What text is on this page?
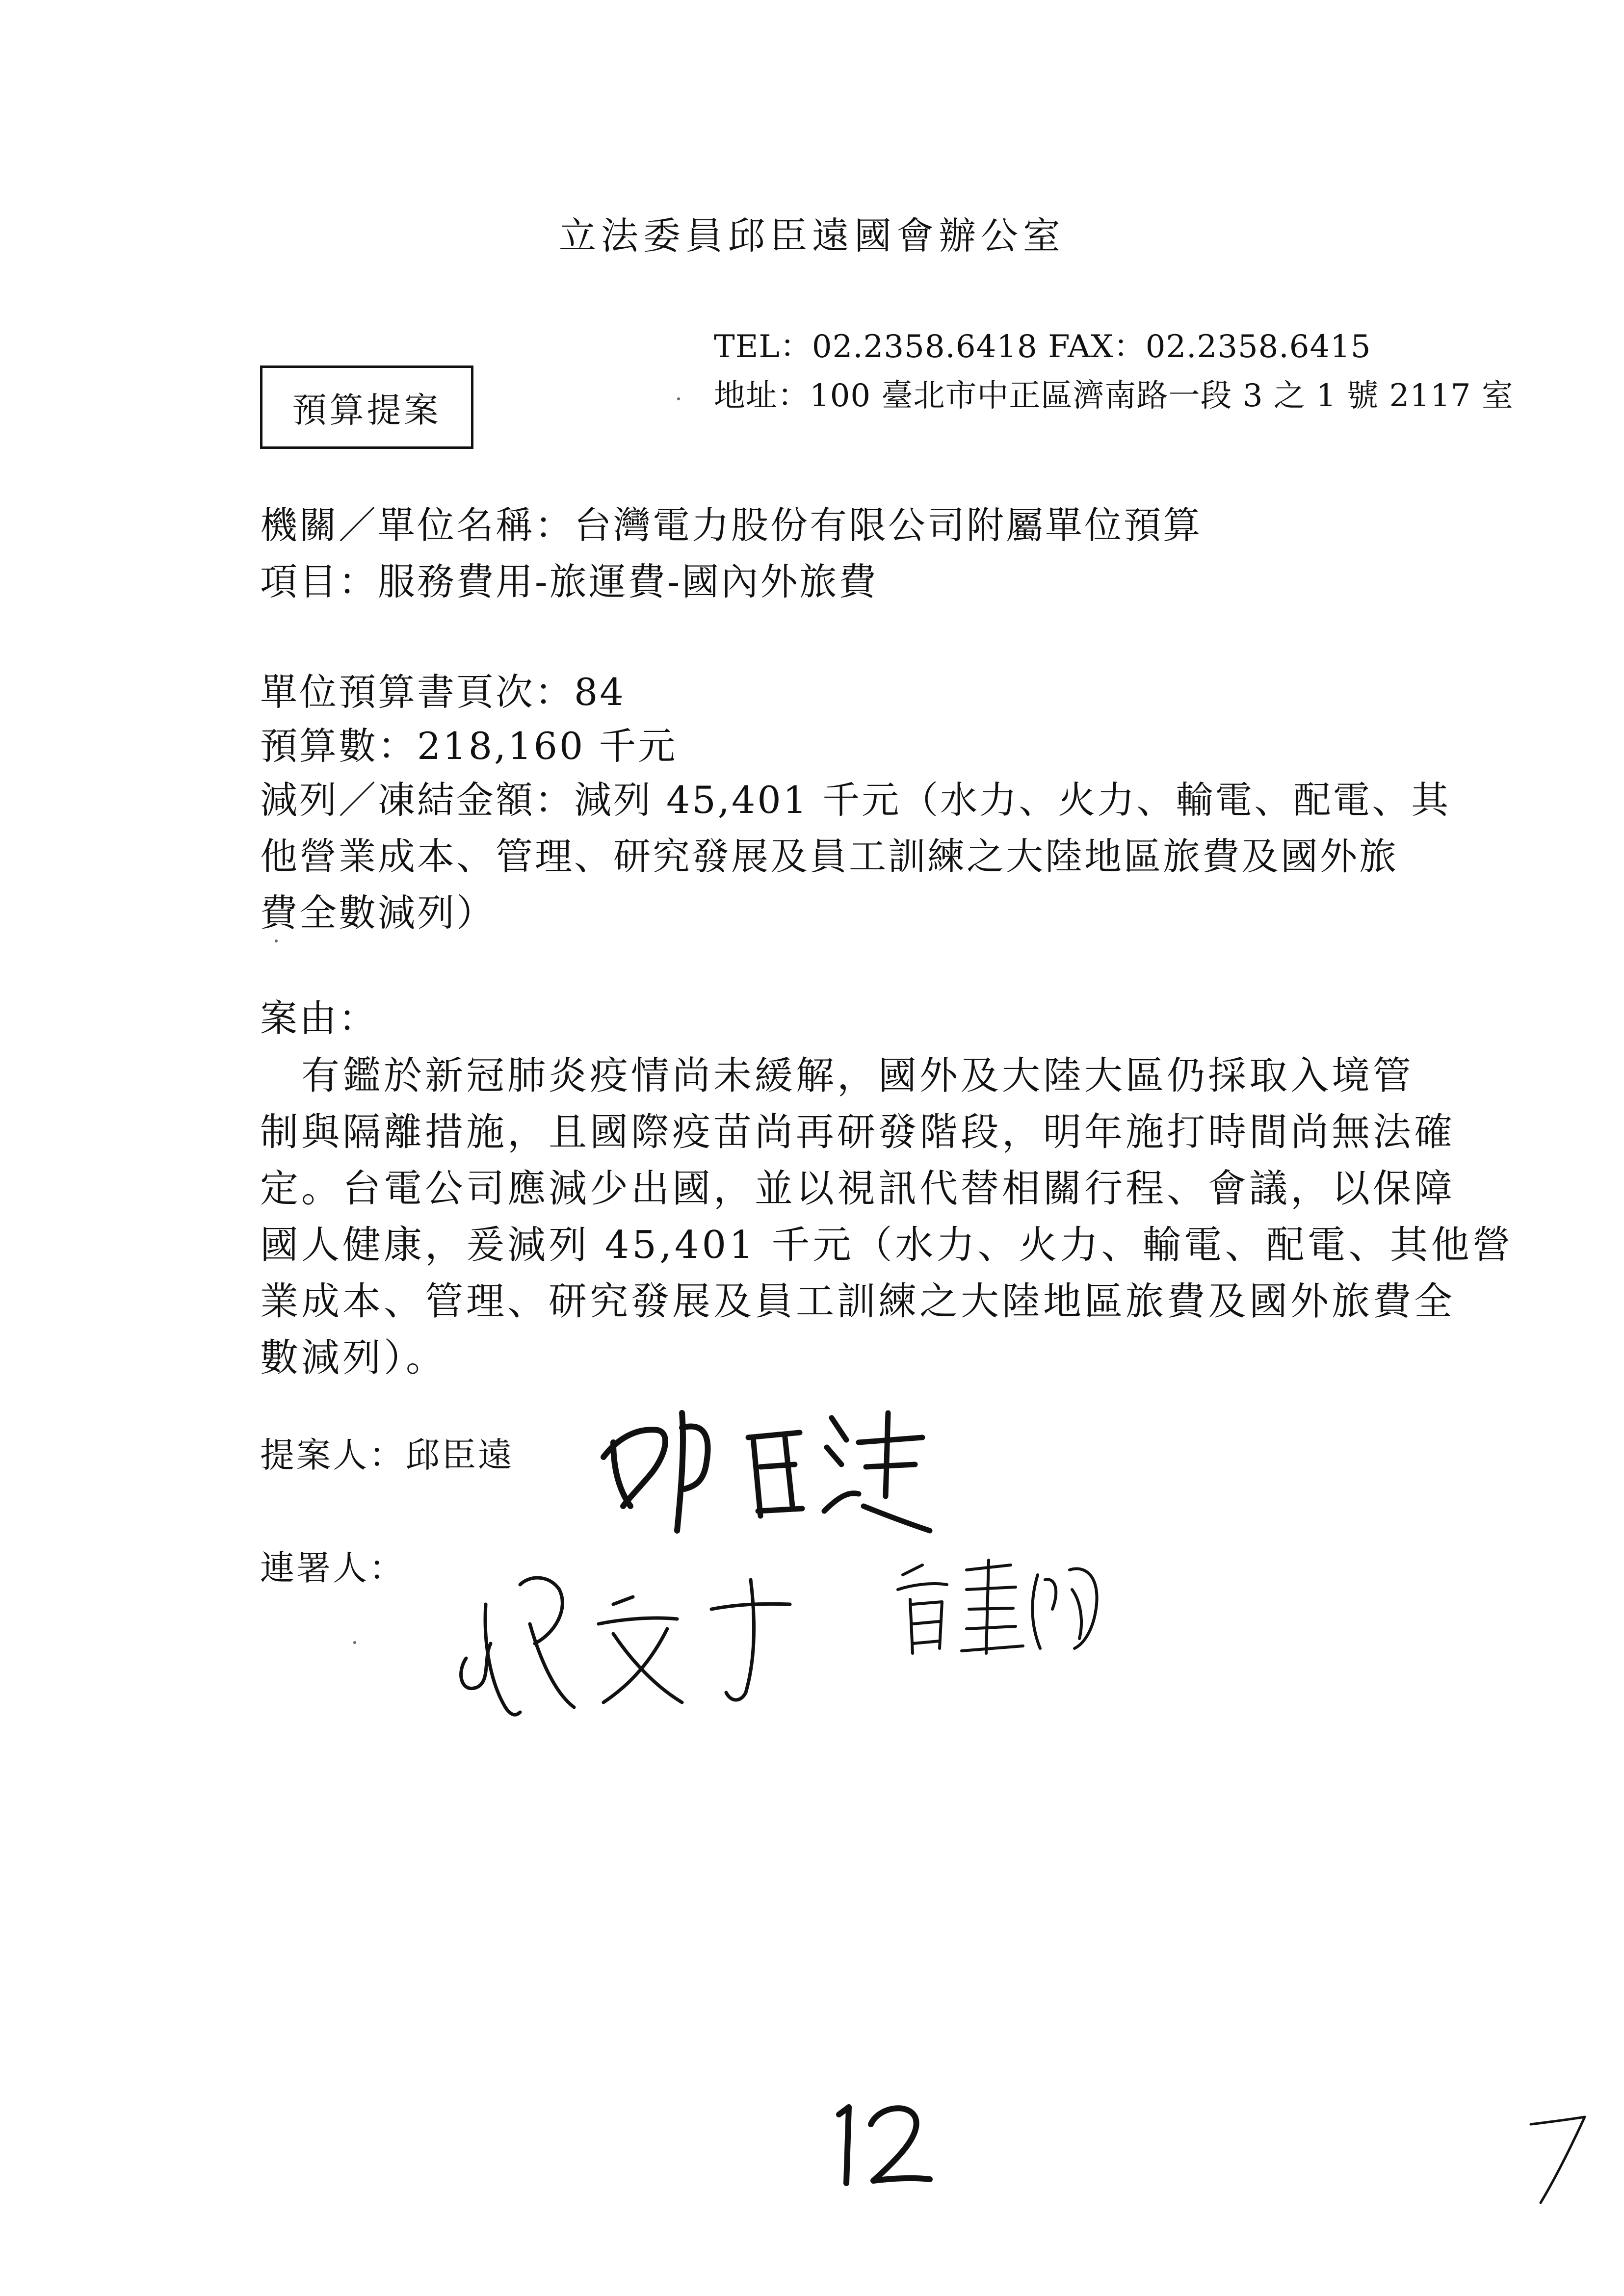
立法委員邱臣遠國會辦公室
TEL：02.2358.6418 FAX：02.2358.6415
地址：100 臺北市中正區濟南路一段 3 之 1 號 2117 室
預算提案
機關／單位名稱：台灣電力股份有限公司附屬單位預算
項目：服務費用-旅運費-國內外旅費
單位預算書頁次：84
預算數：218,160 千元
減列／凍結金額：減列 45,401 千元（水力、火力、輸電、配電、其
他營業成本、管理、研究發展及員工訓練之大陸地區旅費及國外旅
費全數減列）
案由：
　有鑑於新冠肺炎疫情尚未緩解，國外及大陸大區仍採取入境管
制與隔離措施，且國際疫苗尚再研發階段，明年施打時間尚無法確
定。台電公司應減少出國，並以視訊代替相關行程、會議，以保障
國人健康，爰減列 45,401 千元（水力、火力、輸電、配電、其他營
業成本、管理、研究發展及員工訓練之大陸地區旅費及國外旅費全
數減列）。
提案人：邱臣遠
連署人：
12
7
